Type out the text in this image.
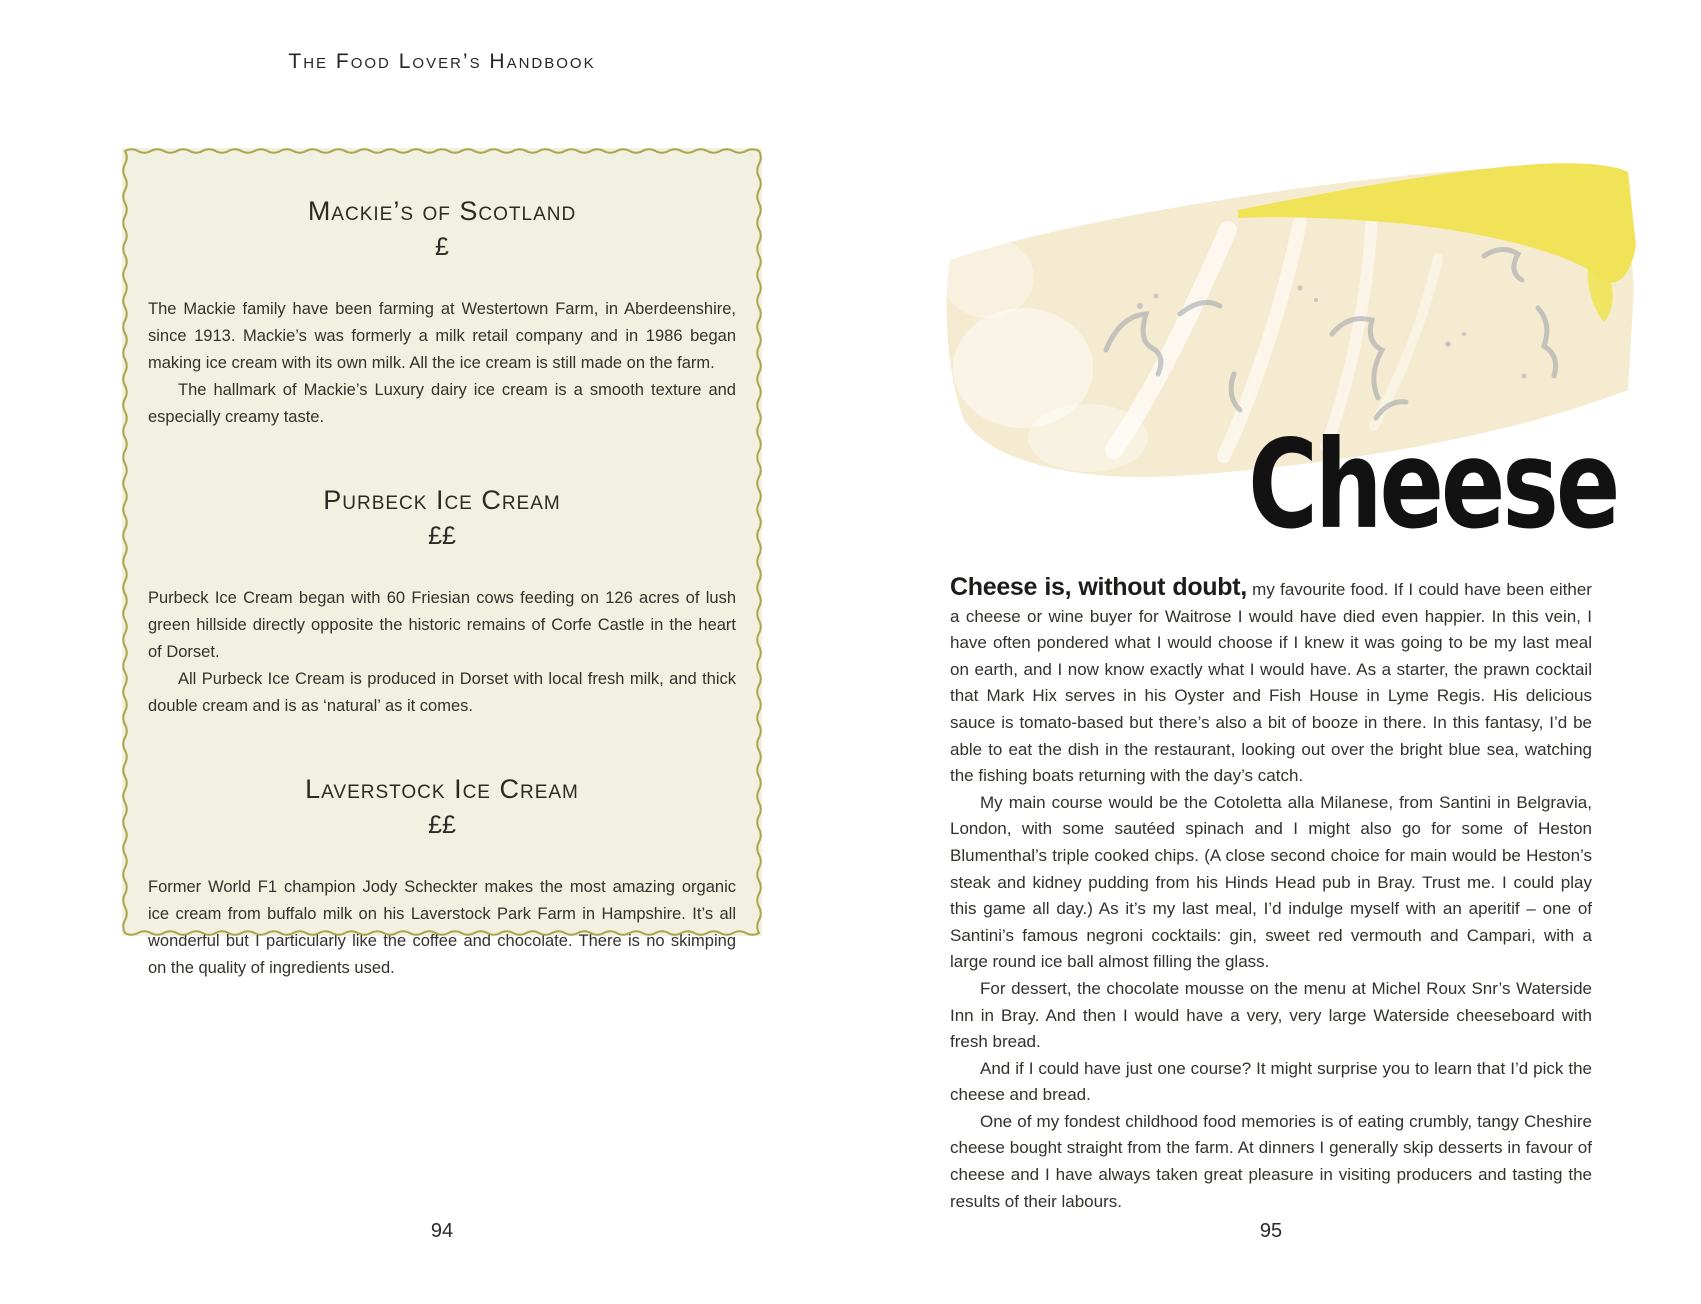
The Food Lover’s Handbook
Mackie’s of Scotland
£

The Mackie family have been farming at Westertown Farm, in Aberdeenshire, since 1913. Mackie’s was formerly a milk retail company and in 1986 began making ice cream with its own milk. All the ice cream is still made on the farm.

The hallmark of Mackie’s Luxury dairy ice cream is a smooth texture and especially creamy taste.

Purbeck Ice Cream
££

Purbeck Ice Cream began with 60 Friesian cows feeding on 126 acres of lush green hillside directly opposite the historic remains of Corfe Castle in the heart of Dorset.

All Purbeck Ice Cream is produced in Dorset with local fresh milk, and thick double cream and is as ‘natural’ as it comes.

Laverstock Ice Cream
££

Former World F1 champion Jody Scheckter makes the most amazing organic ice cream from buffalo milk on his Laverstock Park Farm in Hampshire. It’s all wonderful but I particularly like the coffee and chocolate. There is no skimping on the quality of ingredients used.

94
Cheese

Cheese is, without doubt, my favourite food. If I could have been either a cheese or wine buyer for Waitrose I would have died even happier. In this vein, I have often pondered what I would choose if I knew it was going to be my last meal on earth, and I now know exactly what I would have. As a starter, the prawn cocktail that Mark Hix serves in his Oyster and Fish House in Lyme Regis. His delicious sauce is tomato-based but there’s also a bit of booze in there. In this fantasy, I’d be able to eat the dish in the restaurant, looking out over the bright blue sea, watching the fishing boats returning with the day’s catch.

My main course would be the Cotoletta alla Milanese, from Santini in Belgravia, London, with some sautéed spinach and I might also go for some of Heston Blumenthal’s triple cooked chips. (A close second choice for main would be Heston’s steak and kidney pudding from his Hinds Head pub in Bray. Trust me. I could play this game all day.) As it’s my last meal, I’d indulge myself with an aperitif – one of Santini’s famous negroni cocktails: gin, sweet red vermouth and Campari, with a large round ice ball almost filling the glass.

For dessert, the chocolate mousse on the menu at Michel Roux Snr’s Waterside Inn in Bray. And then I would have a very, very large Waterside cheeseboard with fresh bread.

And if I could have just one course? It might surprise you to learn that I’d pick the cheese and bread.

One of my fondest childhood food memories is of eating crumbly, tangy Cheshire cheese bought straight from the farm. At dinners I generally skip desserts in favour of cheese and I have always taken great pleasure in visiting producers and tasting the results of their labours.

95
